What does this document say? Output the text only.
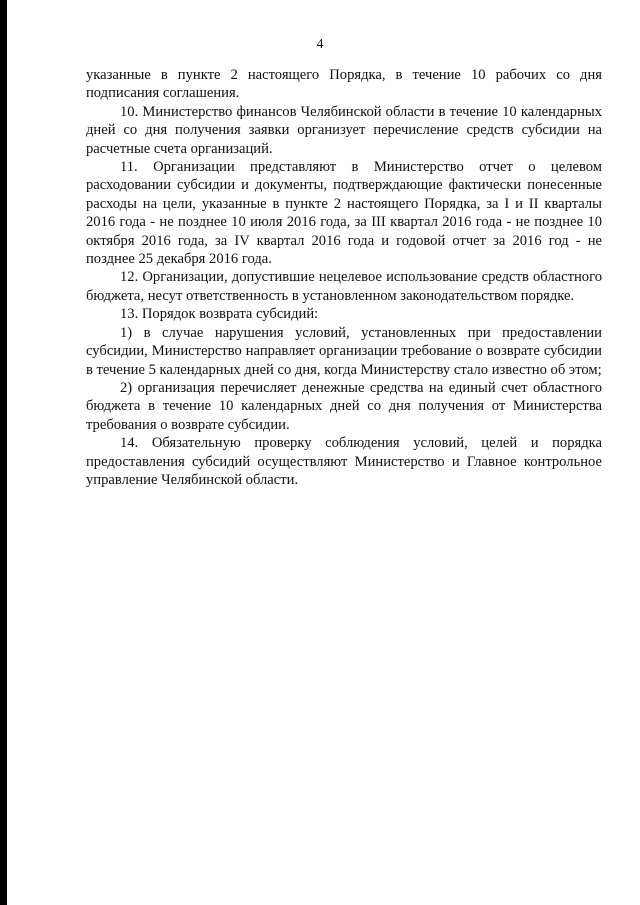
4

указанные в пункте 2 настоящего Порядка, в течение 10 рабочих со дня подписания соглашения.

10. Министерство финансов Челябинской области в течение 10 календарных дней со дня получения заявки организует перечисление средств субсидии на расчетные счета организаций.

11. Организации представляют в Министерство отчет о целевом расходовании субсидии и документы, подтверждающие фактически понесенные расходы на цели, указанные в пункте 2 настоящего Порядка, за I и II кварталы 2016 года - не позднее 10 июля 2016 года, за III квартал 2016 года - не позднее 10 октября 2016 года, за IV квартал 2016 года и годовой отчет за 2016 год - не позднее 25 декабря 2016 года.

12. Организации, допустившие нецелевое использование средств областного бюджета, несут ответственность в установленном законодательством порядке.

13. Порядок возврата субсидий:

1) в случае нарушения условий, установленных при предоставлении субсидии, Министерство направляет организации требование о возврате субсидии в течение 5 календарных дней со дня, когда Министерству стало известно об этом;

2) организация перечисляет денежные средства на единый счет областного бюджета в течение 10 календарных дней со дня получения от Министерства требования о возврате субсидии.

14. Обязательную проверку соблюдения условий, целей и порядка предоставления субсидий осуществляют Министерство и Главное контрольное управление Челябинской области.
